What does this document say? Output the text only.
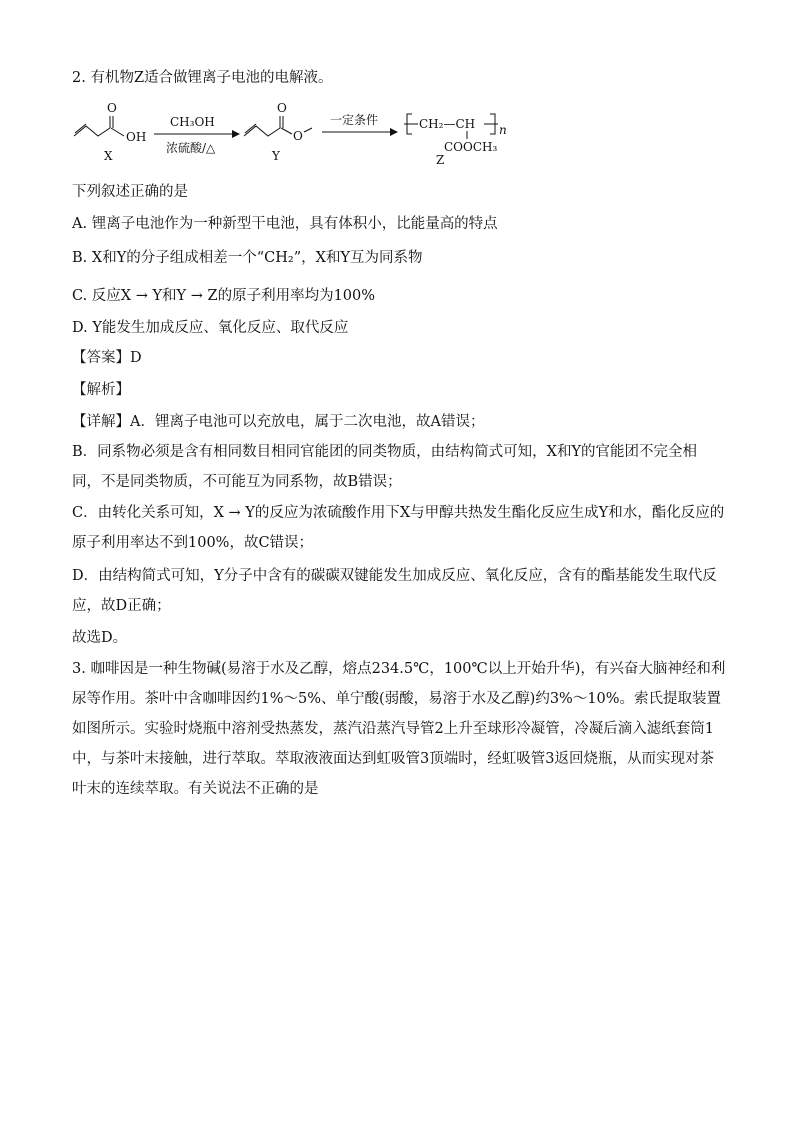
2. 有机物Z适合做锂离子电池的电解液。
O
OH
X
CH₃OH
浓硫酸/△
O
O
Y
一定条件	CH₂—CH n
COOCH₃
Z
下列叙述正确的是
A. 锂离子电池作为一种新型干电池，具有体积小，比能量高的特点
B. X和Y的分子组成相差一个“CH₂”，X和Y互为同系物
C. 反应X → Y和Y → Z的原子利用率均为100%
D. Y能发生加成反应、氧化反应、取代反应
【答案】D
【解析】
【详解】A．锂离子电池可以充放电，属于二次电池，故A错误；
B．同系物必须是含有相同数目相同官能团的同类物质，由结构简式可知，X和Y的官能团不完全相同，不是同类物质，不可能互为同系物，故B错误；
C．由转化关系可知，X → Y的反应为浓硫酸作用下X与甲醇共热发生酯化反应生成Y和水，酯化反应的原子利用率达不到100%，故C错误；
D．由结构简式可知，Y分子中含有的碳碳双键能发生加成反应、氧化反应，含有的酯基能发生取代反应，故D正确；
故选D。
3. 咖啡因是一种生物碱(易溶于水及乙醇，熔点234.5℃，100℃以上开始升华)，有兴奋大脑神经和利尿等作用。茶叶中含咖啡因约1%～5%、单宁酸(弱酸，易溶于水及乙醇)约3%～10%。索氏提取装置如图所示。实验时烧瓶中溶剂受热蒸发，蒸汽沿蒸汽导管2上升至球形冷凝管，冷凝后滴入滤纸套筒1中，与茶叶末接触，进行萃取。萃取液液面达到虹吸管3顶端时，经虹吸管3返回烧瓶，从而实现对茶叶末的连续萃取。有关说法不正确的是
